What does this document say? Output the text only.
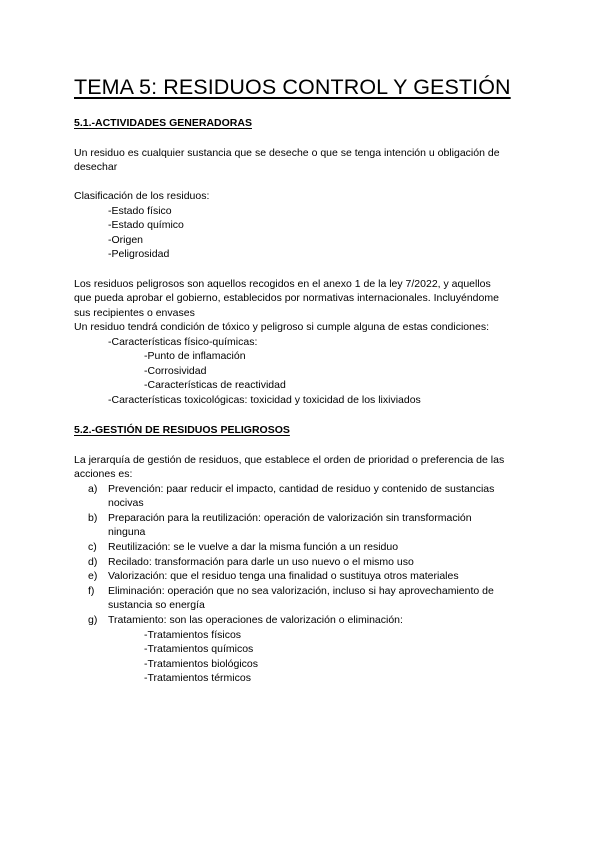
TEMA 5: RESIDUOS CONTROL Y GESTIÓN
5.1.-ACTIVIDADES GENERADORAS
Un residuo es cualquier sustancia que se deseche o que se tenga intención u obligación de
desechar
Clasificación de los residuos:
-Estado físico
-Estado químico
-Origen
-Peligrosidad
Los residuos peligrosos son aquellos recogidos en el anexo 1 de la ley 7/2022, y aquellos
que pueda aprobar el gobierno, establecidos por normativas internacionales. Incluyéndome
sus recipientes o envases
Un residuo tendrá condición de tóxico y peligroso si cumple alguna de estas condiciones:
-Características físico-químicas:
-Punto de inflamación
-Corrosividad
-Características de reactividad
-Características toxicológicas: toxicidad y toxicidad de los lixiviados
5.2.-GESTIÓN DE RESIDUOS PELIGROSOS
La jerarquía de gestión de residuos, que establece el orden de prioridad o preferencia de las
acciones es:
a) Prevención: paar reducir el impacto, cantidad de residuo y contenido de sustancias
nocivas
b) Preparación para la reutilización: operación de valorización sin transformación
ninguna
c) Reutilización: se le vuelve a dar la misma función a un residuo
d) Recilado: transformación para darle un uso nuevo o el mismo uso
e) Valorización: que el residuo tenga una finalidad o sustituya otros materiales
f) Eliminación: operación que no sea valorización, incluso si hay aprovechamiento de
sustancia so energía
g) Tratamiento: son las operaciones de valorización o eliminación:
-Tratamientos físicos
-Tratamientos químicos
-Tratamientos biológicos
-Tratamientos térmicos
